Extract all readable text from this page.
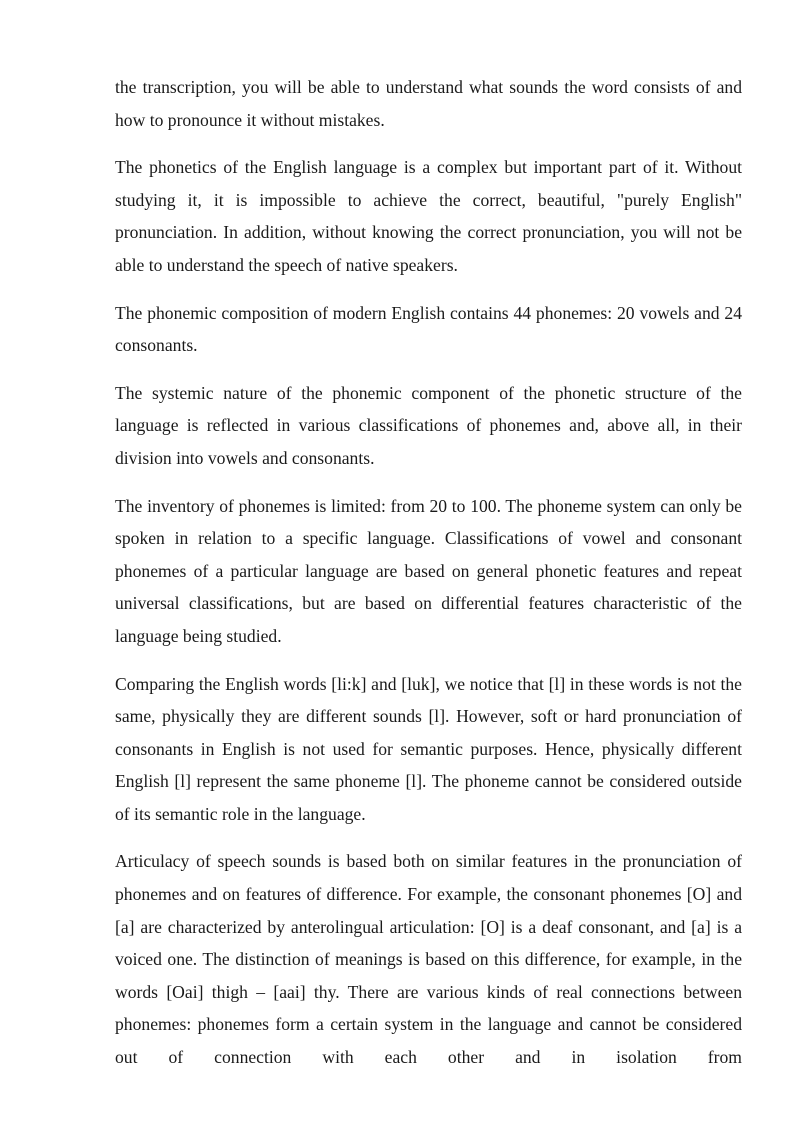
the transcription, you will be able to understand what sounds the word consists of and how to pronounce it without mistakes.

The phonetics of the English language is a complex but important part of it. Without studying it, it is impossible to achieve the correct, beautiful, "purely English" pronunciation. In addition, without knowing the correct pronunciation, you will not be able to understand the speech of native speakers.

The phonemic composition of modern English contains 44 phonemes: 20 vowels and 24 consonants.

The systemic nature of the phonemic component of the phonetic structure of the language is reflected in various classifications of phonemes and, above all, in their division into vowels and consonants.

The inventory of phonemes is limited: from 20 to 100. The phoneme system can only be spoken in relation to a specific language. Classifications of vowel and consonant phonemes of a particular language are based on general phonetic features and repeat universal classifications, but are based on differential features characteristic of the language being studied.

Comparing the English words [li:k] and [luk], we notice that [l] in these words is not the same, physically they are different sounds [l]. However, soft or hard pronunciation of consonants in English is not used for semantic purposes. Hence, physically different English [l] represent the same phoneme [l]. The phoneme cannot be considered outside of its semantic role in the language.

Articulacy of speech sounds is based both on similar features in the pronunciation of phonemes and on features of difference. For example, the consonant phonemes [O] and [a] are characterized by anterolingual articulation: [O] is a deaf consonant, and [a] is a voiced one. The distinction of meanings is based on this difference, for example, in the words [Oai] thigh – [aai] thy. There are various kinds of real connections between phonemes: phonemes form a certain system in the language and cannot be considered out of connection with each other and in isolation from
